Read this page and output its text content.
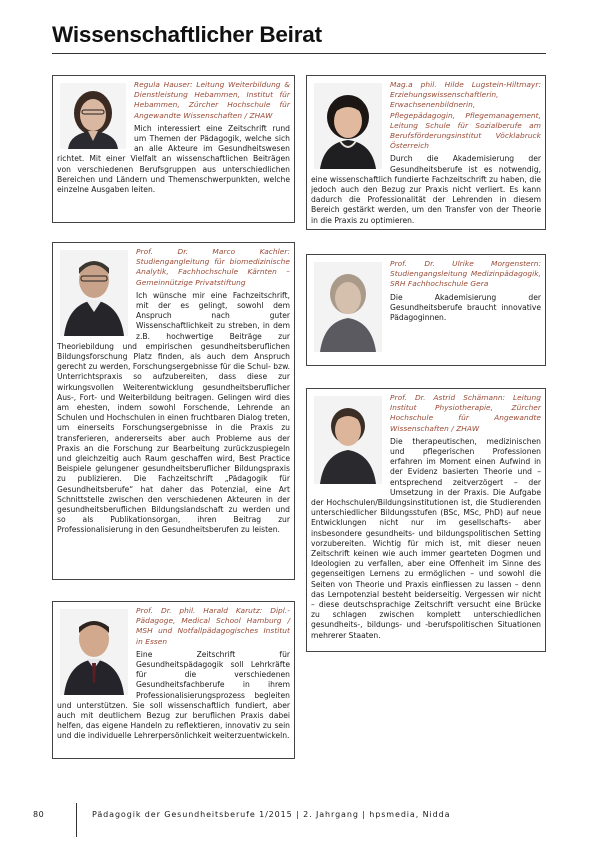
Wissenschaftlicher Beirat
Regula Hauser: Leitung Weiterbildung & Dienstleistung Hebammen, Institut für Hebammen, Zürcher Hochschule für Angewandte Wissenschaften / ZHAW
Mich interessiert eine Zeitschrift rund um Themen der Pädagogik, welche sich an alle Akteure im Gesundheitswesen richtet. Mit einer Vielfalt an wissenschaftlichen Beiträgen von verschiedenen Berufsgruppen aus unterschiedlichen Bereichen und Ländern und Themenschwerpunkten, welche einzelne Ausgaben leiten.
Mag.a phil. Hilde Lugstein-Hiltmayr: Erziehungswissenschaftlerin, Erwachsenenbildnerin, Pflegepädagogin, Pflegemanagement, Leitung Schule für Sozialberufe am Berufsförderungsinstitut Vöcklabruck Österreich
Durch die Akademisierung der Gesundheitsberufe ist es notwendig, eine wissenschaftlich fundierte Fachzeitschrift zu haben, die jedoch auch den Bezug zur Praxis nicht verliert. Es kann dadurch die Professionalität der Lehrenden in diesem Bereich gestärkt werden, um den Transfer von der Theorie in die Praxis zu optimieren.
Prof. Dr. Marco Kachler: Studiengangleitung für biomedizinische Analytik, Fachhochschule Kärnten – Gemeinnützige Privatstiftung
Ich wünsche mir eine Fachzeitschrift, mit der es gelingt, sowohl dem Anspruch nach guter Wissenschaftlichkeit zu streben, in dem z.B. hochwertige Beiträge zur Theoriebildung und empirischen gesundheitsberuflichen Bildungsforschung Platz finden, als auch dem Anspruch gerecht zu werden, Forschungsergebnisse für die Schul- bzw. Unterrichtspraxis so aufzubereiten, dass diese zur wirkungsvollen Weiterentwicklung gesundheitsberuflicher Aus-, Fort- und Weiterbildung beitragen. Gelingen wird dies am ehesten, indem sowohl Forschende, Lehrende an Schulen und Hochschulen in einen fruchtbaren Dialog treten, um einerseits Forschungsergebnisse in die Praxis zu transferieren, andererseits aber auch Probleme aus der Praxis an die Forschung zur Bearbeitung zurückzuspiegeln und gleichzeitig auch Raum geschaffen wird, Best Practice Beispiele gelungener gesundheitsberuflicher Bildungspraxis zu publizieren. Die Fachzeitschrift „Pädagogik für Gesundheitsberufe“ hat daher das Potenzial, eine Art Schnittstelle zwischen den verschiedenen Akteuren in der gesundheitsberuflichen Bildungslandschaft zu werden und so als Publikationsorgan, ihren Beitrag zur Professionalisierung in den Gesundheitsberufen zu leisten.
Prof. Dr. Ulrike Morgenstern: Studiengangsleitung Medizinpädagogik, SRH Fachhochschule Gera
Die Akademisierung der Gesundheitsberufe braucht innovative Pädagoginnen.
Prof. Dr. Astrid Schämann: Leitung Institut Physiotherapie, Zürcher Hochschule für Angewandte Wissenschaften / ZHAW
Die therapeutischen, medizinischen und pflegerischen Professionen erfahren im Moment einen Aufwind in der Evidenz basierten Theorie und – entsprechend zeitverzögert – der Umsetzung in der Praxis. Die Aufgabe der Hochschulen/Bildungsinstitutionen ist, die Studierenden unterschiedlicher Bildungsstufen (BSc, MSc, PhD) auf neue Entwicklungen nicht nur im gesellschafts- aber insbesondere gesundheits- und bildungspolitischen Setting vorzubereiten. Wichtig für mich ist, mit dieser neuen Zeitschrift keinen wie auch immer gearteten Dogmen und Ideologien zu verfallen, aber eine Offenheit im Sinne des gegenseitigen Lernens zu ermöglichen – und sowohl die Seiten von Theorie und Praxis einfliessen zu lassen – denn das Lernpotenzial besteht beiderseitig. Vergessen wir nicht – diese deutschsprachige Zeitschrift versucht eine Brücke zu schlagen zwischen komplett unterschiedlichen gesundheits-, bildungs- und -berufspolitischen Situationen mehrerer Staaten.
Prof. Dr. phil. Harald Karutz: Dipl.-Pädagoge, Medical School Hamburg / MSH und Notfallpädagogisches Institut in Essen
Eine Zeitschrift für Gesundheitspädagogik soll Lehrkräfte für die verschiedenen Gesundheitsfachberufe in ihrem Professionalisierungsprozess begleiten und unterstützen. Sie soll wissenschaftlich fundiert, aber auch mit deutlichem Bezug zur beruflichen Praxis dabei helfen, das eigene Handeln zu reflektieren, innovativ zu sein und die individuelle Lehrerpersönlichkeit weiterzuentwickeln.
80	Pädagogik der Gesundheitsberufe 1/2015 | 2. Jahrgang | hpsmedia, Nidda
